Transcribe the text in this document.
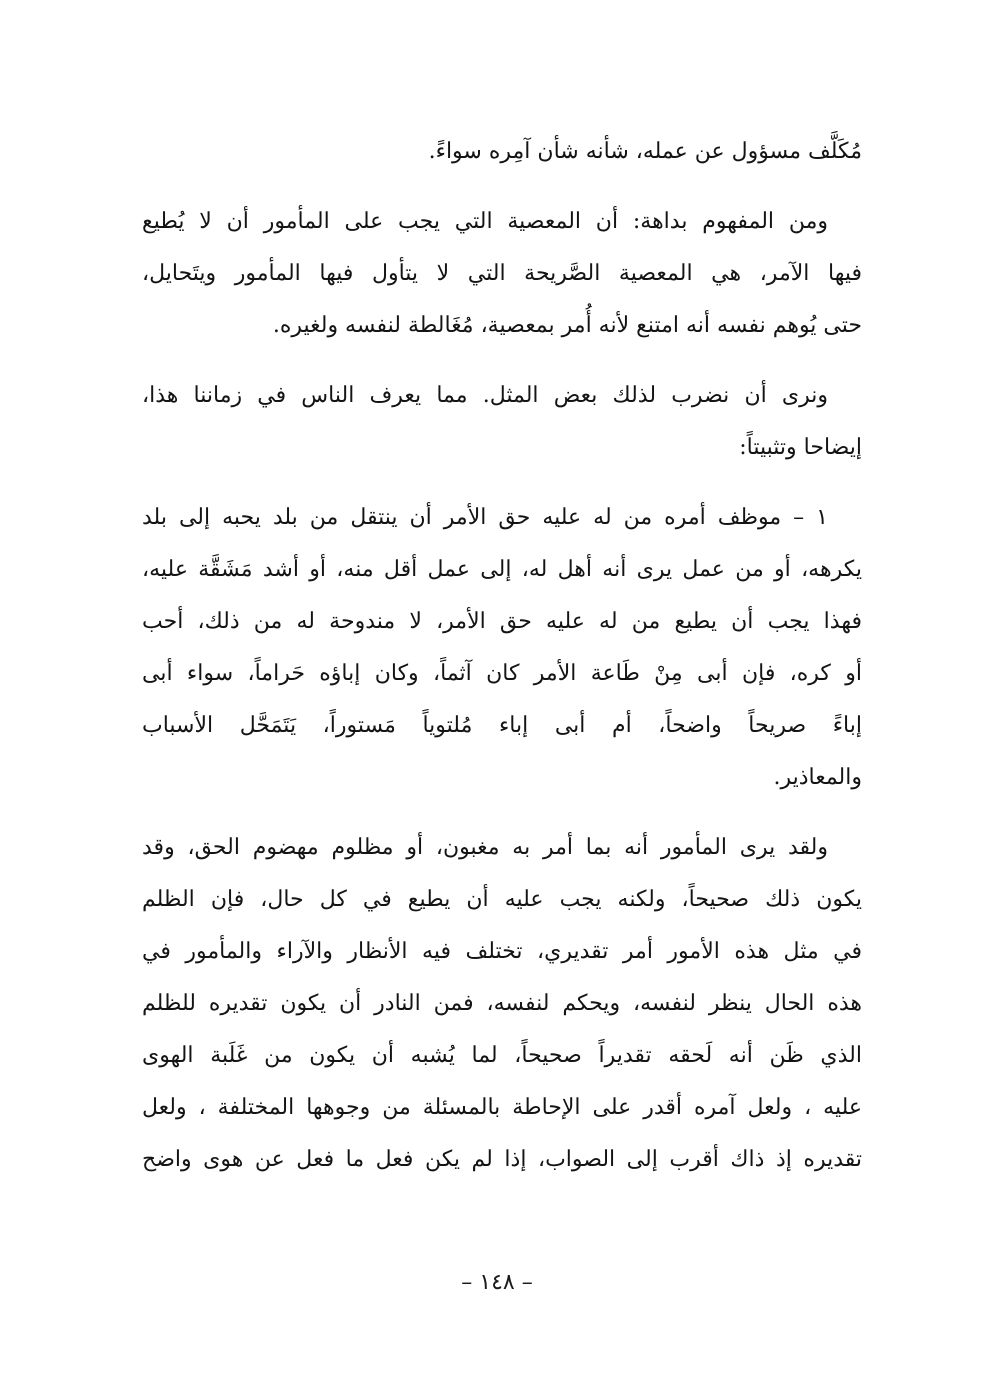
مُكَلَّف مسؤول عن عمله، شأنه شأن آمِره سواءً.
ومن المفهوم بداهة: أن المعصية التي يجب على المأمور أن لا يُطيع
فيها الآمر، هي المعصية الصَّريحة التي لا يتأول فيها المأمور ويتَحايل،
حتى يُوهم نفسه أنه امتنع لأنه أُمر بمعصية، مُغَالطة لنفسه ولغيره.
ونرى أن نضرب لذلك بعض المثل. مما يعرف الناس في زماننا هذا،
إيضاحا وتثبيتاً:
١ – موظف أمره من له عليه حق الأمر أن ينتقل من بلد يحبه إلى بلد
يكرهه، أو من عمل يرى أنه أهل له، إلى عمل أقل منه، أو أشد مَشَقَّة عليه،
فهذا يجب أن يطيع من له عليه حق الأمر، لا مندوحة له من ذلك، أحب
أو كره، فإن أبى مِنْ طَاعة الأمر كان آثماً، وكان إباؤه حَراماً، سواء أبى
إباءً صريحاً واضحاً، أم أبى إباء مُلتوياً مَستوراً، يَتَمَحَّل الأسباب
والمعاذير.
ولقد يرى المأمور أنه بما أمر به مغبون، أو مظلوم مهضوم الحق، وقد
يكون ذلك صحيحاً، ولكنه يجب عليه أن يطيع في كل حال، فإن الظلم
في مثل هذه الأمور أمر تقديري، تختلف فيه الأنظار والآراء والمأمور في
هذه الحال ينظر لنفسه، ويحكم لنفسه، فمن النادر أن يكون تقديره للظلم
الذي ظَن أنه لَحقه تقديراً صحيحاً، لما يُشبه أن يكون من غَلَبة الهوى
عليه ، ولعل آمره أقدر على الإحاطة بالمسئلة من وجوهها المختلفة ، ولعل
تقديره إذ ذاك أقرب إلى الصواب، إذا لم يكن فعل ما فعل عن هوى واضح
– ١٤٨ –
